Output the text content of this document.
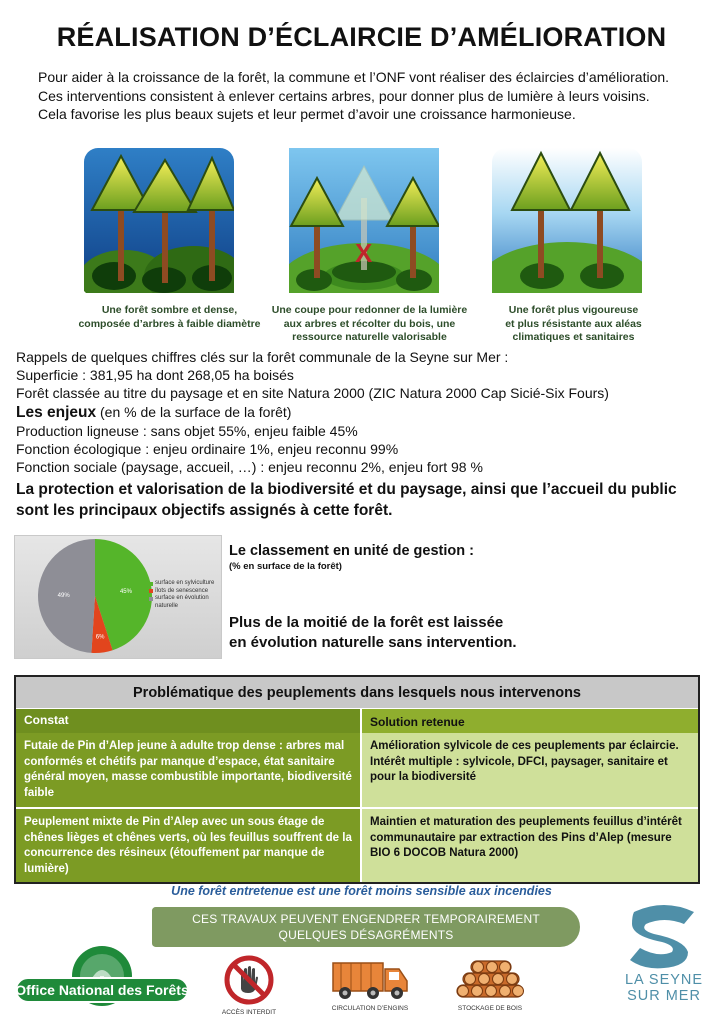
RÉALISATION D’ÉCLAIRCIE D’AMÉLIORATION

Pour aider à la croissance de la forêt, la commune et l’ONF vont réaliser des éclaircies d’amélioration.

Ces interventions consistent à enlever certains arbres, pour donner plus de lumière à leurs voisins.

Cela favorise les plus beaux sujets et leur permet d’avoir une croissance harmonieuse.

X
Une forêt sombre et dense,
composée d’arbres à faible diamètre
Une coupe pour redonner de la lumière
aux arbres et récolter du bois, une
ressource naturelle valorisable
Une forêt plus vigoureuse
et plus résistante aux aléas
climatiques et sanitaires
Rappels de quelques chiffres clés sur la forêt communale de la Seyne sur Mer :
Superficie : 381,95 ha dont 268,05 ha boisés
Forêt classée au titre du paysage et en site Natura 2000 (ZIC Natura 2000 Cap Sicié-Six Fours)
Les enjeux (en % de la surface de la forêt)
Production ligneuse : sans objet 55%, enjeu faible 45%
Fonction écologique : enjeu ordinaire 1%, enjeu reconnu 99%
Fonction sociale (paysage, accueil, …) : enjeu reconnu 2%, enjeu fort 98 %
La protection et valorisation de la biodiversité et du paysage, ainsi que l’accueil du public
sont les principaux objectifs assignés à cette forêt.
45%
6%
49%
surface en sylviculture
îlots de senescence
surface en évolution naturelle
Le classement en unité de gestion :
(% en surface de la forêt)
Plus de la moitié de la forêt est laissée
en évolution naturelle sans intervention.
Problématique des peuplements dans lesquels nous intervenons
Constat	Solution retenue
Futaie de Pin d’Alep jeune à adulte trop dense : arbres mal conformés et chétifs par manque d’espace, état sanitaire général moyen, masse combustible importante, biodiversité faible
Amélioration sylvicole de ces peuplements par éclaircie. Intérêt multiple : sylvicole, DFCI, paysager, sanitaire et pour la biodiversité
Peuplement mixte de Pin d’Alep avec un sous étage de chênes lièges et chênes verts, où les feuillus souffrent de la concurrence des résineux (étouffement par manque de lumière)
Maintien et maturation des peuplements feuillus d’intérêt communautaire par extraction des Pins d’Alep (mesure BIO 6 DOCOB Natura 2000)
Une forêt entretenue est une forêt moins sensible aux incendies
CES TRAVAUX PEUVENT ENGENDRER TEMPORAIREMENT
QUELQUES DÉSAGRÉMENTS
Office National des Forêts
ACCÈS INTERDIT
CIRCULATION D’ENGINS	STOCKAGE DE BOIS
LA SEYNE
SUR MER
